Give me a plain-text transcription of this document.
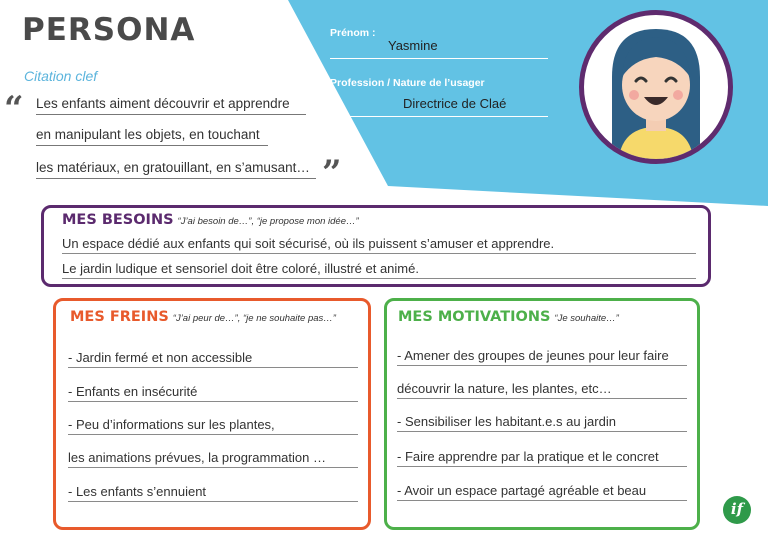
PERSONA
Citation clef
“ Les enfants aiment découvrir et apprendre
en manipulant les objets, en touchant
les matériaux, en gratouillant, en s’amusant… ”
Prénom :
Yasmine
Profession / Nature de l’usager
Directrice de Claé
MES BESOINS “J’ai besoin de…”, “je propose mon idée…”
Un espace dédié aux enfants qui soit sécurisé, où ils puissent s’amuser et apprendre.
Le jardin ludique et sensoriel doit être coloré, illustré et animé.
MES FREINS “J’ai peur de…”, “je ne souhaite pas…”
- Jardin fermé et non accessible
- Enfants en insécurité
- Peu d’informations sur les plantes,
les animations prévues, la programmation …
- Les enfants s’ennuient
MES MOTIVATIONS “Je souhaite…”
- Amener des groupes de jeunes pour leur faire
découvrir la nature, les plantes, etc…
- Sensibiliser les habitant.e.s au jardin
- Faire apprendre par la pratique et le concret
- Avoir un espace partagé agréable et beau
if
